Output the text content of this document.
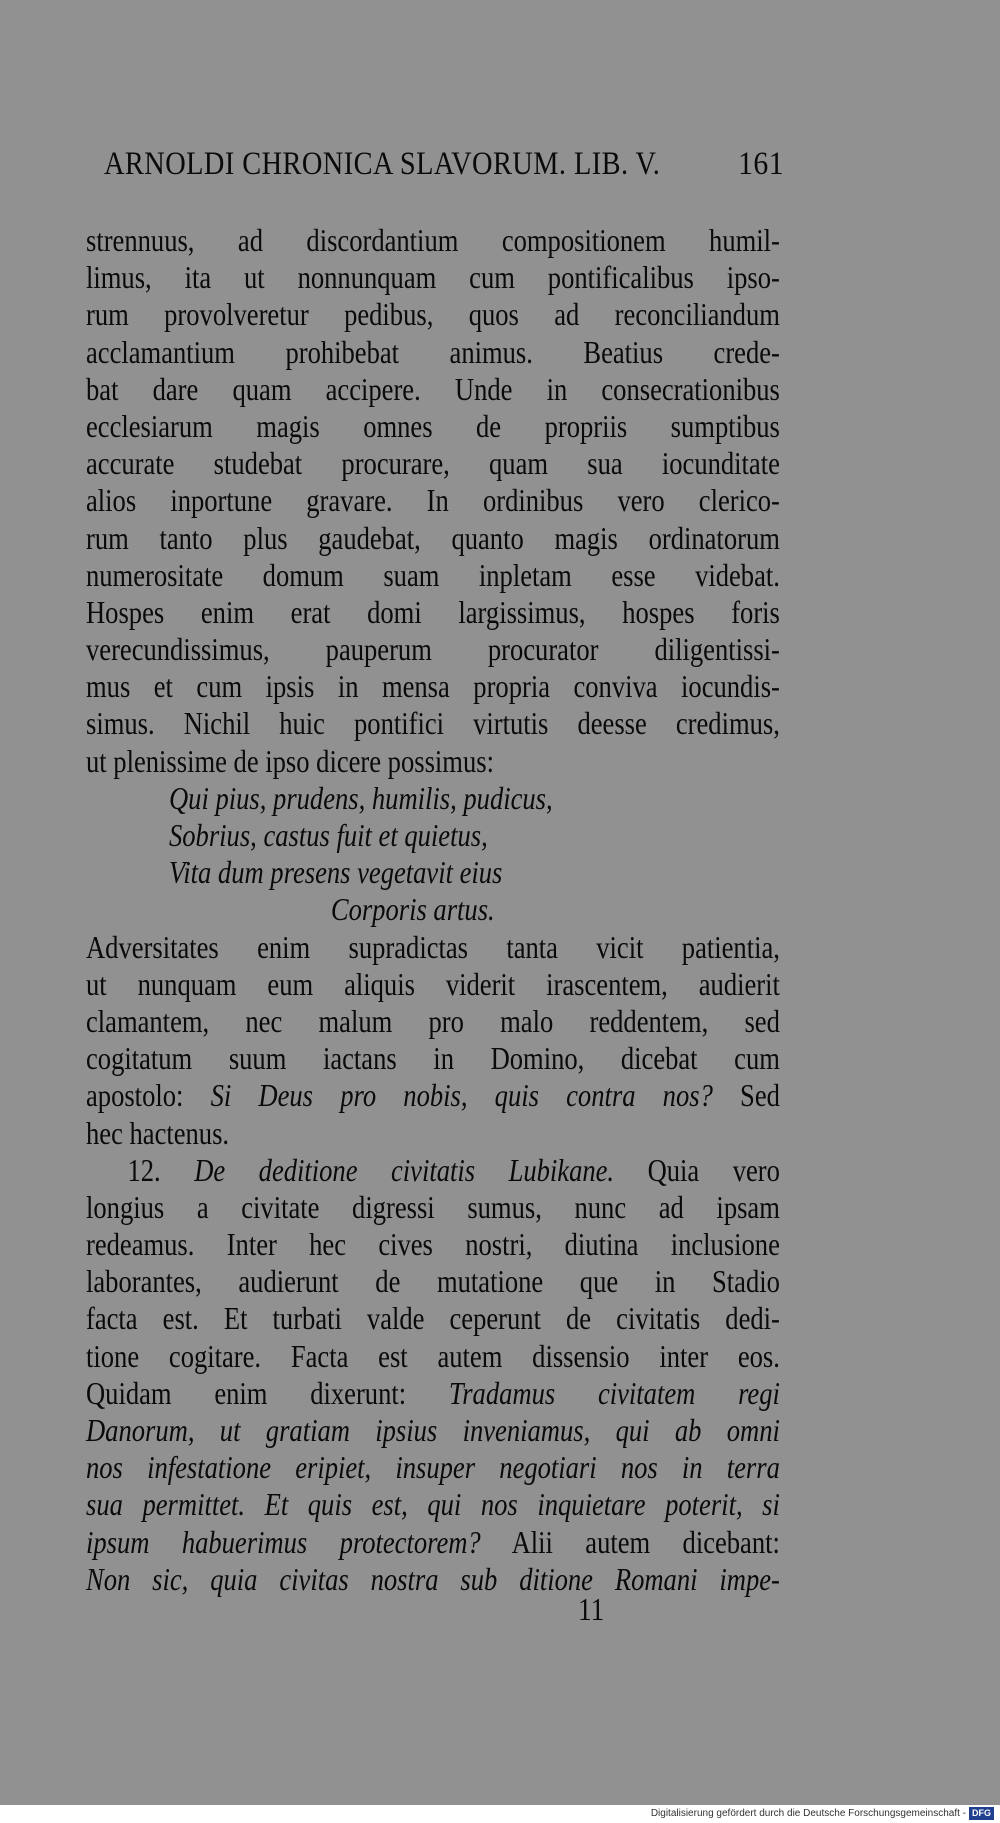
ARNOLDI CHRONICA SLAVORUM. LIB. V. 161
strennuus, ad discordantium compositionem humil-
limus, ita ut nonnunquam cum pontificalibus ipso-
rum provolveretur pedibus, quos ad reconciliandum
acclamantium prohibebat animus. Beatius crede-
bat dare quam accipere. Unde in consecrationibus
ecclesiarum magis omnes de propriis sumptibus
accurate studebat procurare, quam sua iocunditate
alios inportune gravare. In ordinibus vero clerico-
rum tanto plus gaudebat, quanto magis ordinatorum
numerositate domum suam inpletam esse videbat.
Hospes enim erat domi largissimus, hospes foris
verecundissimus, pauperum procurator diligentissi-
mus et cum ipsis in mensa propria conviva iocundis-
simus. Nichil huic pontifici virtutis deesse credimus,
ut plenissime de ipso dicere possimus:
Qui pius, prudens, humilis, pudicus,
Sobrius, castus fuit et quietus,
Vita dum presens vegetavit eius
Corporis artus.
Adversitates enim supradictas tanta vicit patientia,
ut nunquam eum aliquis viderit irascentem, audierit
clamantem, nec malum pro malo reddentem, sed
cogitatum suum iactans in Domino, dicebat cum
apostolo: Si Deus pro nobis, quis contra nos? Sed
hec hactenus.
12. De deditione civitatis Lubikane. Quia vero
longius a civitate digressi sumus, nunc ad ipsam
redeamus. Inter hec cives nostri, diutina inclusione
laborantes, audierunt de mutatione que in Stadio
facta est. Et turbati valde ceperunt de civitatis dedi-
tione cogitare. Facta est autem dissensio inter eos.
Quidam enim dixerunt: Tradamus civitatem regi
Danorum, ut gratiam ipsius inveniamus, qui ab omni
nos infestatione eripiet, insuper negotiari nos in terra
sua permittet. Et quis est, qui nos inquietare poterit, si
ipsum habuerimus protectorem? Alii autem dicebant:
Non sic, quia civitas nostra sub ditione Romani impe-
11
Digitalisierung gefördert durch die Deutsche Forschungsgemeinschaft - DFG
